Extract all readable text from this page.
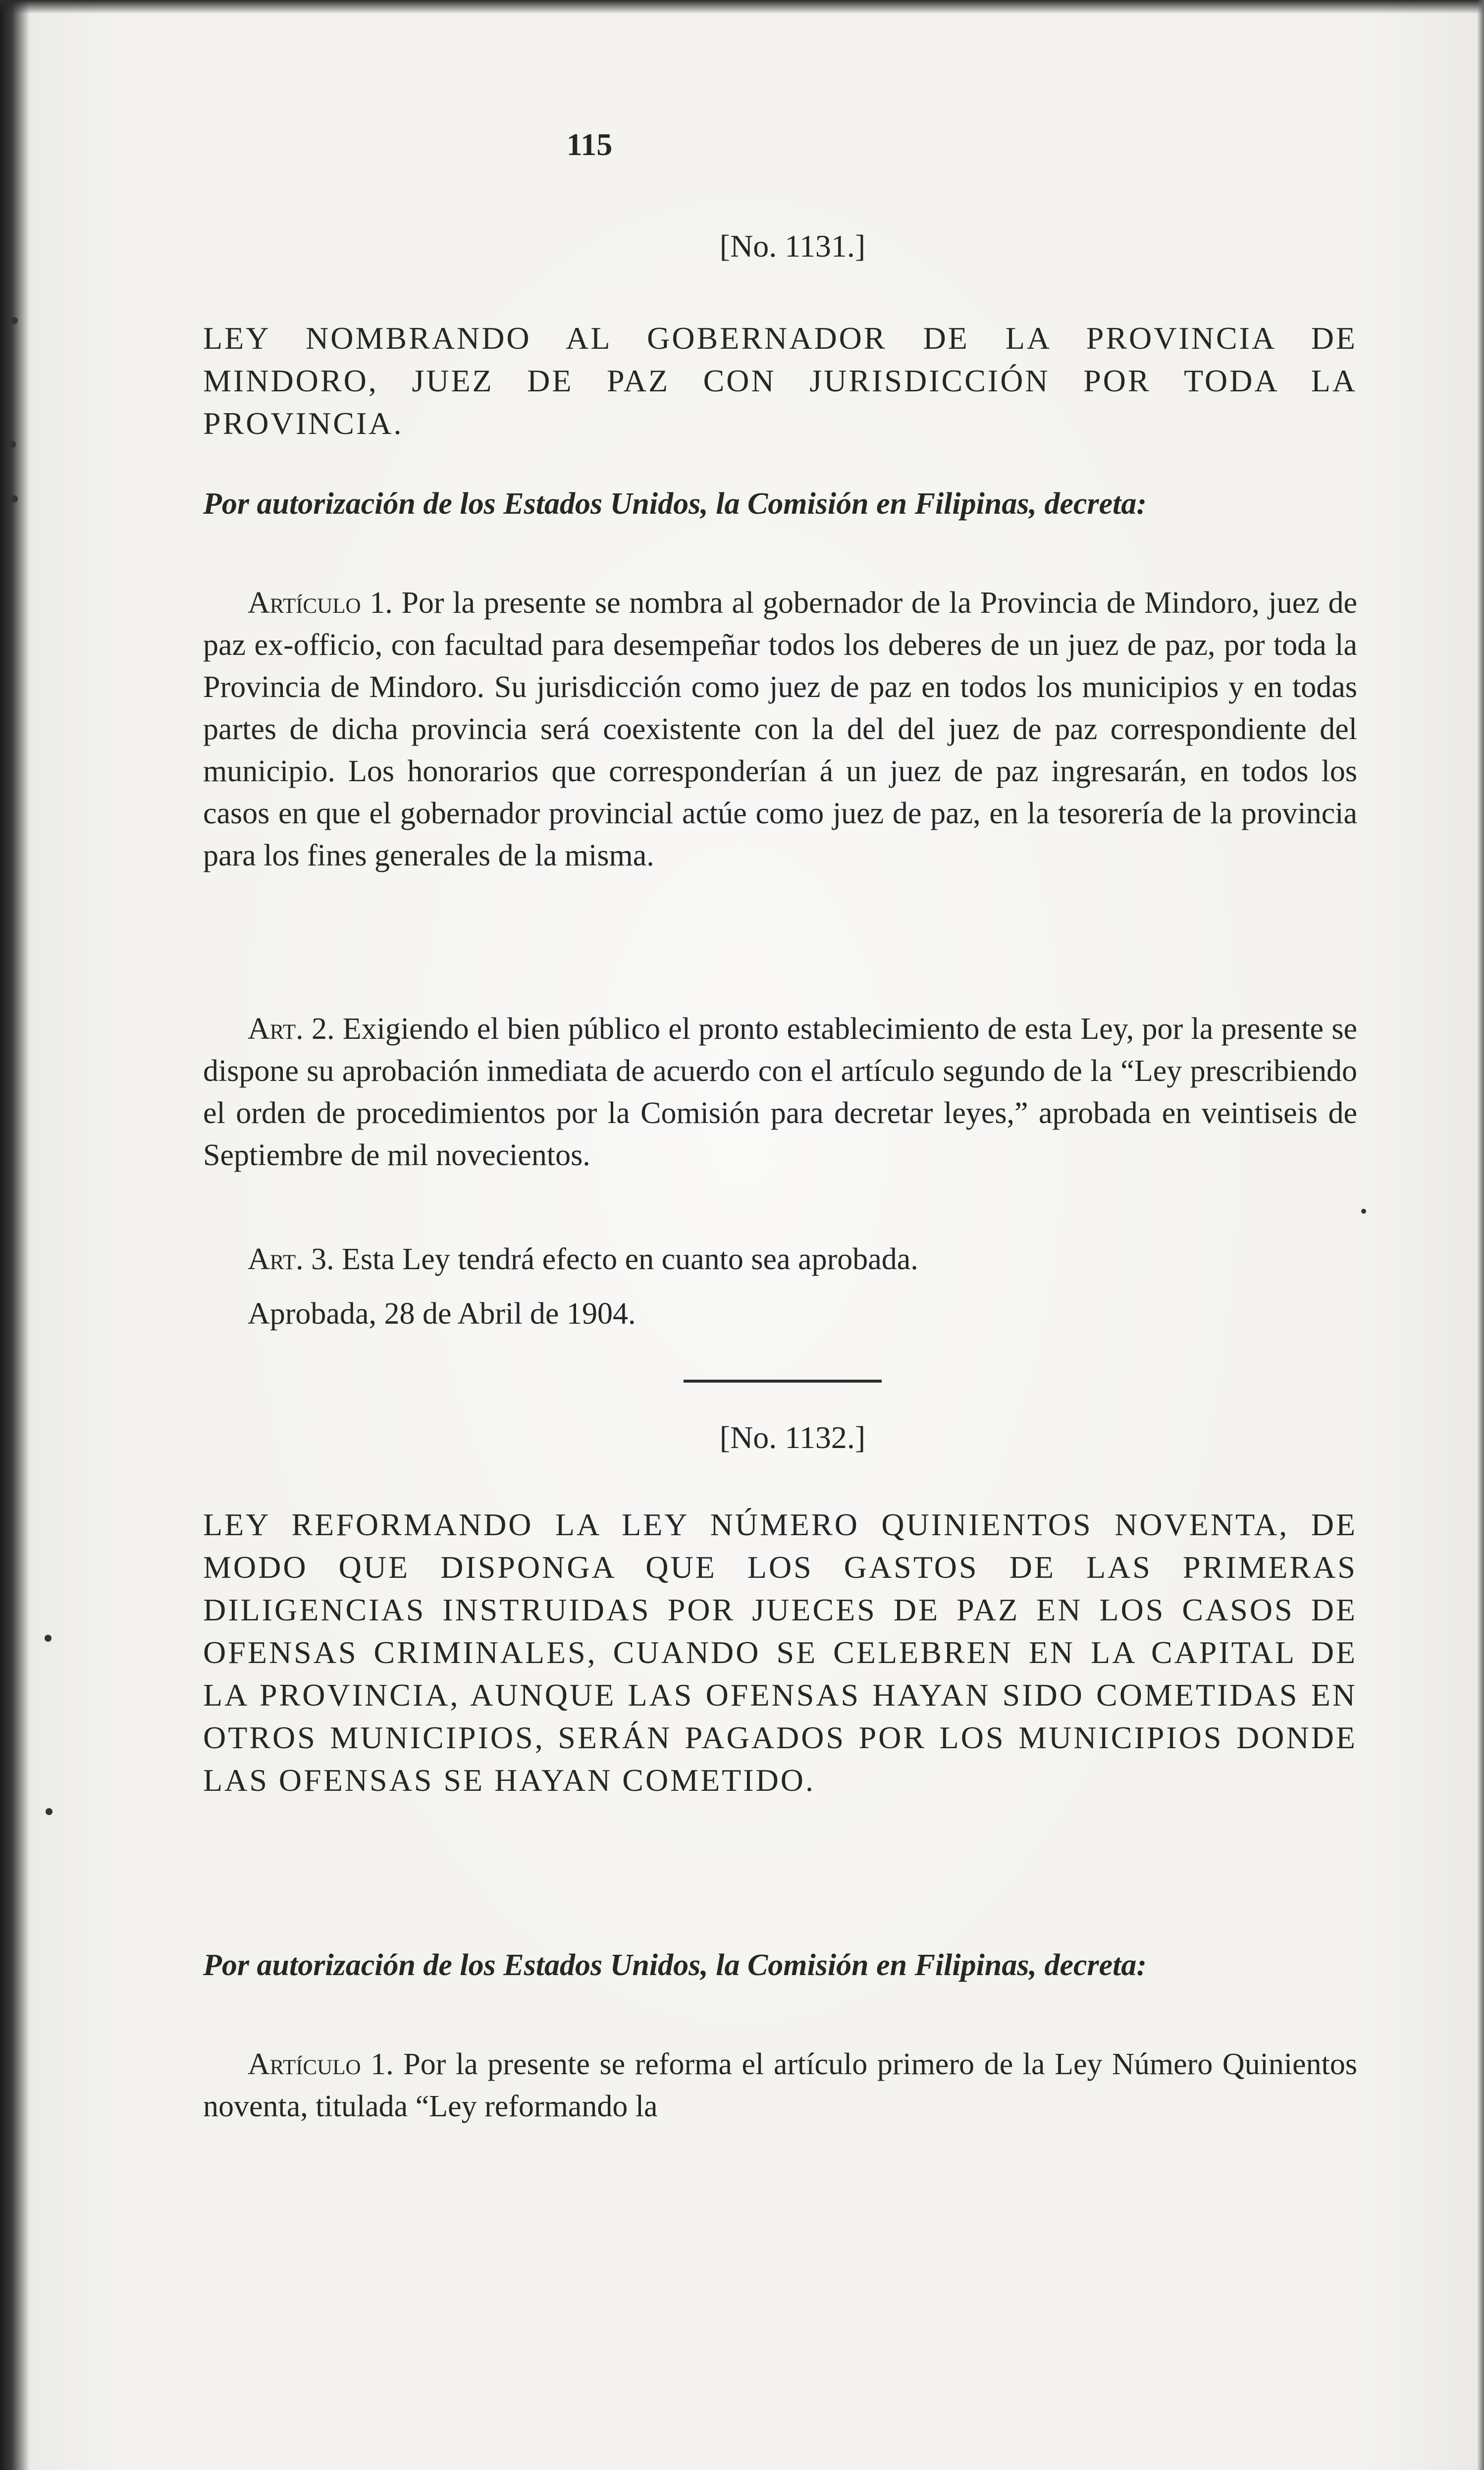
115
[No. 1131.]
LEY NOMBRANDO AL GOBERNADOR DE LA PROVINCIA DE MINDORO, JUEZ DE PAZ CON JURISDICCIÓN POR TODA LA PROVINCIA.
Por autorización de los Estados Unidos, la Comisión en Filipinas, decreta:

Artículo 1. Por la presente se nombra al gobernador de la Provincia de Mindoro, juez de paz ex-officio, con facultad para desempeñar todos los deberes de un juez de paz, por toda la Provincia de Mindoro. Su jurisdicción como juez de paz en todos los municipios y en todas partes de dicha provincia será coexistente con la del del juez de paz correspondiente del municipio. Los honorarios que corresponderían á un juez de paz ingresarán, en todos los casos en que el gobernador provincial actúe como juez de paz, en la tesorería de la provincia para los fines generales de la misma.

Art. 2. Exigiendo el bien público el pronto establecimiento de esta Ley, por la presente se dispone su aprobación inmediata de acuerdo con el artículo segundo de la “Ley prescribiendo el orden de procedimientos por la Comisión para decretar leyes,” aprobada en veintiseis de Septiembre de mil novecientos.

Art. 3. Esta Ley tendrá efecto en cuanto sea aprobada.

Aprobada, 28 de Abril de 1904.

[No. 1132.]
LEY REFORMANDO LA LEY NÚMERO QUINIENTOS NOVENTA, DE MODO QUE DISPONGA QUE LOS GASTOS DE LAS PRIMERAS DILIGENCIAS INSTRUIDAS POR JUECES DE PAZ EN LOS CASOS DE OFENSAS CRIMINALES, CUANDO SE CELEBREN EN LA CAPITAL DE LA PROVINCIA, AUNQUE LAS OFENSAS HAYAN SIDO COMETIDAS EN OTROS MUNICIPIOS, SERÁN PAGADOS POR LOS MUNICIPIOS DONDE LAS OFENSAS SE HAYAN COMETIDO.
Por autorización de los Estados Unidos, la Comisión en Filipinas, decreta:

Artículo 1. Por la presente se reforma el artículo primero de la Ley Número Quinientos noventa, titulada “Ley reformando la
